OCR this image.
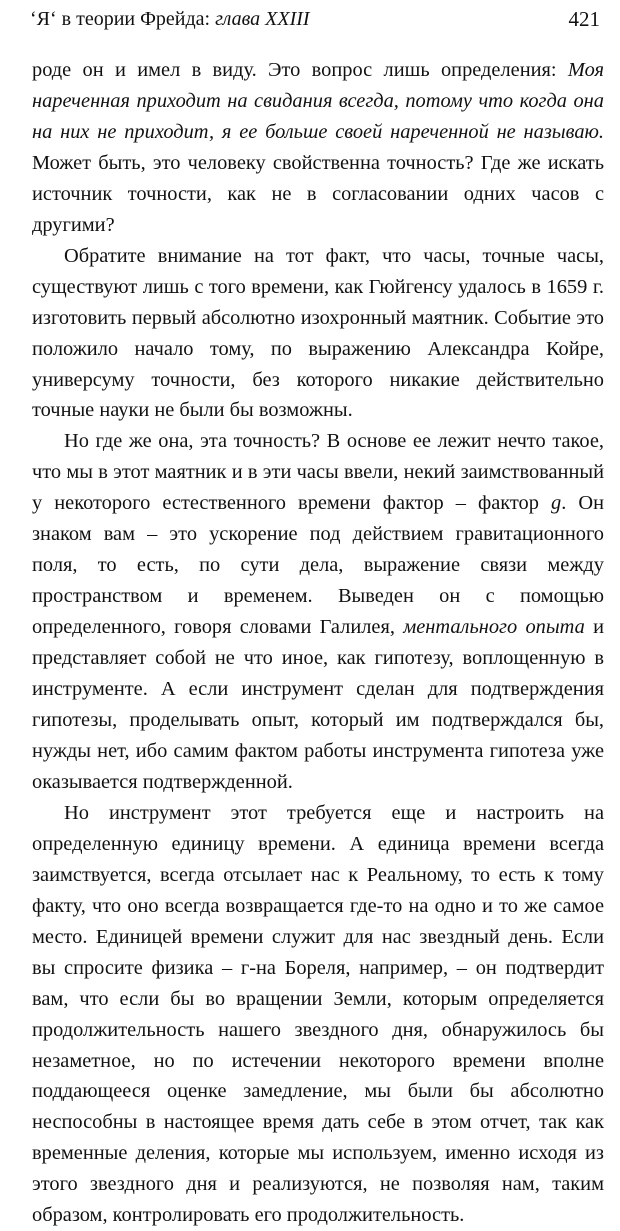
‘Я‘ в теории Фрейда: глава XXIII	421

роде он и имел в виду. Это вопрос лишь определения: Моя нареченная приходит на свидания всегда, потому что когда она на них не приходит, я ее больше своей нареченной не называю. Может быть, это человеку свойственна точность? Где же искать источник точности, как не в согласовании одних часов с другими?

Обратите внимание на тот факт, что часы, точные часы, существуют лишь с того времени, как Гюйгенсу удалось в 1659 г. изготовить первый абсолютно изохронный маятник. Событие это положило начало тому, по выражению Александра Койре, универсуму точности, без которого никакие действительно точные науки не были бы возможны.

Но где же она, эта точность? В основе ее лежит нечто такое, что мы в этот маятник и в эти часы ввели, некий заимствованный у некоторого естественного времени фактор – фактор g. Он знаком вам – это ускорение под действием гравитационного поля, то есть, по сути дела, выражение связи между пространством и временем. Выведен он с помощью определенного, говоря словами Галилея, ментального опыта и представляет собой не что иное, как гипотезу, воплощенную в инструменте. А если инструмент сделан для подтверждения гипотезы, проделывать опыт, который им подтверждался бы, нужды нет, ибо самим фактом работы инструмента гипотеза уже оказывается подтвержденной.

Но инструмент этот требуется еще и настроить на определенную единицу времени. А единица времени всегда заимствуется, всегда отсылает нас к Реальному, то есть к тому факту, что оно всегда возвращается где-то на одно и то же самое место. Единицей времени служит для нас звездный день. Если вы спросите физика – г-на Бореля, например, – он подтвердит вам, что если бы во вращении Земли, которым определяется продолжительность нашего звездного дня, обнаружилось бы незаметное, но по истечении некоторого времени вполне поддающееся оценке замедление, мы были бы абсолютно неспособны в настоящее время дать себе в этом отчет, так как временные деления, которые мы используем, именно исходя из этого звездного дня и реализуются, не позволяя нам, таким образом, контролировать его продолжительность.
